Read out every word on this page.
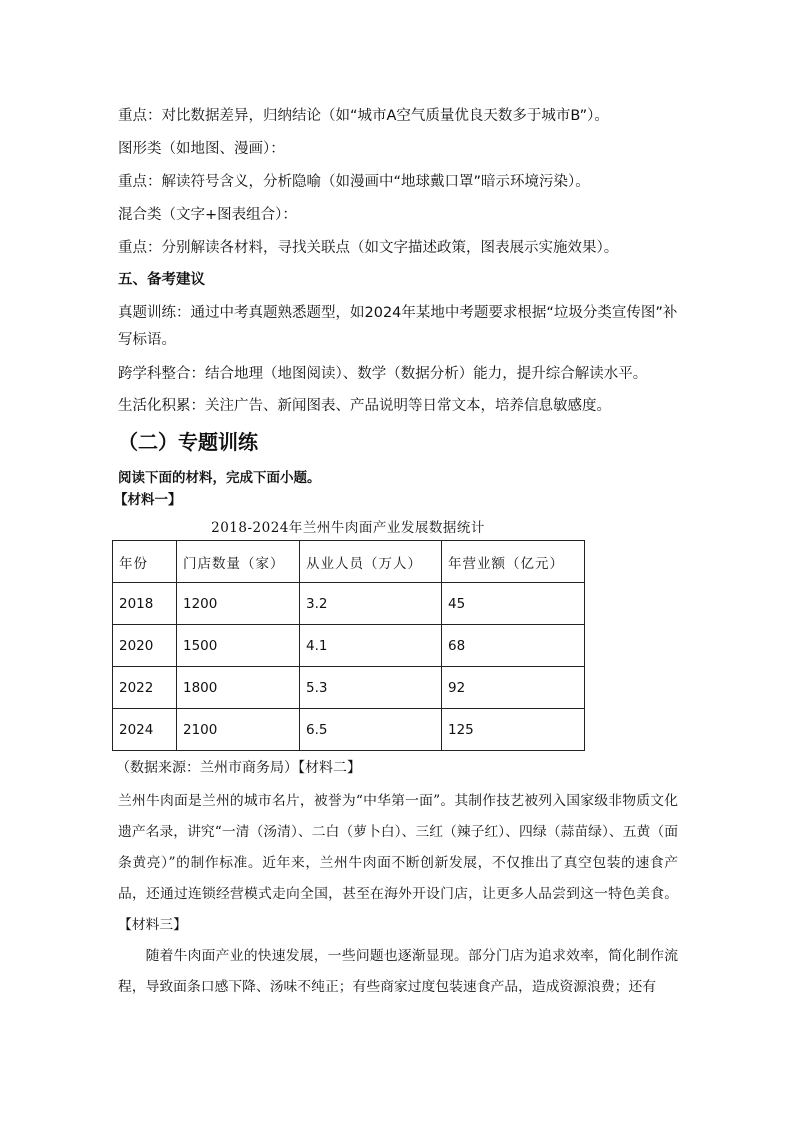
重点：对比数据差异，归纳结论（如“城市A空气质量优良天数多于城市B”）。
图形类（如地图、漫画）：
重点：解读符号含义，分析隐喻（如漫画中“地球戴口罩”暗示环境污染）。
混合类（文字+图表组合）：
重点：分别解读各材料，寻找关联点（如文字描述政策，图表展示实施效果）。
五、备考建议
真题训练：通过中考真题熟悉题型，如2024年某地中考题要求根据“垃圾分类宣传图”补
写标语。
跨学科整合：结合地理（地图阅读）、数学（数据分析）能力，提升综合解读水平。
生活化积累：关注广告、新闻图表、产品说明等日常文本，培养信息敏感度。
（二）专题训练
阅读下面的材料，完成下面小题。
【材料一】
2018-2024年兰州牛肉面产业发展数据统计
年份	门店数量（家）	从业人员（万人）	年营业额（亿元）
2018	1200	3.2	45
2020	1500	4.1	68
2022	1800	5.3	92
2024	2100	6.5	125
（数据来源：兰州市商务局）【材料二】

兰州牛肉面是兰州的城市名片，被誉为“中华第一面”。其制作技艺被列入国家级非物质文化遗产名录，讲究“一清（汤清）、二白（萝卜白）、三红（辣子红）、四绿（蒜苗绿）、五黄（面条黄亮）”的制作标准。近年来，兰州牛肉面不断创新发展，不仅推出了真空包装的速食产品，还通过连锁经营模式走向全国，甚至在海外开设门店，让更多人品尝到这一特色美食。【材料三】

随着牛肉面产业的快速发展，一些问题也逐渐显现。部分门店为追求效率，简化制作流程，导致面条口感下降、汤味不纯正；有些商家过度包装速食产品，造成资源浪费；还有
